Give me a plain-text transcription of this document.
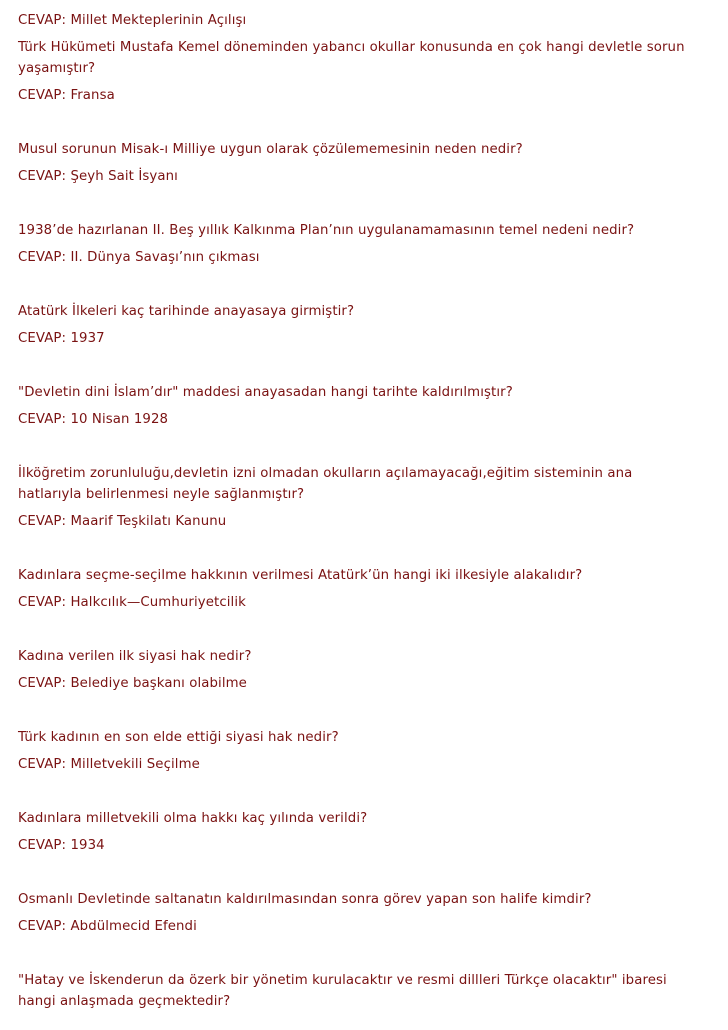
CEVAP: Millet Mekteplerinin Açılışı
Türk Hükümeti Mustafa Kemel döneminden yabancı okullar konusunda en çok hangi devletle sorun yaşamıştır?
CEVAP: Fransa
Musul sorunun Misak-ı Milliye uygun olarak çözülememesinin neden nedir?
CEVAP: Şeyh Sait İsyanı
1938’de hazırlanan II. Beş yıllık Kalkınma Plan’nın uygulanamamasının temel nedeni nedir?
CEVAP: II. Dünya Savaşı’nın çıkması
Atatürk İlkeleri kaç tarihinde anayasaya girmiştir?
CEVAP: 1937
"Devletin dini İslam’dır" maddesi anayasadan hangi tarihte kaldırılmıştır?
CEVAP: 10 Nisan 1928
İlköğretim zorunluluğu,devletin izni olmadan okulların açılamayacağı,eğitim sisteminin ana hatlarıyla belirlenmesi neyle sağlanmıştır?
CEVAP: Maarif Teşkilatı Kanunu
Kadınlara seçme-seçilme hakkının verilmesi Atatürk’ün hangi iki ilkesiyle alakalıdır?
CEVAP: Halkcılık—Cumhuriyetcilik
Kadına verilen ilk siyasi hak nedir?
CEVAP: Belediye başkanı olabilme
Türk kadının en son elde ettiği siyasi hak nedir?
CEVAP: Milletvekili Seçilme
Kadınlara milletvekili olma hakkı kaç yılında verildi?
CEVAP: 1934
Osmanlı Devletinde saltanatın kaldırılmasından sonra görev yapan son halife kimdir?
CEVAP: Abdülmecid Efendi
"Hatay ve İskenderun da özerk bir yönetim kurulacaktır ve resmi dillleri Türkçe olacaktır" ibaresi hangi anlaşmada geçmektedir?
